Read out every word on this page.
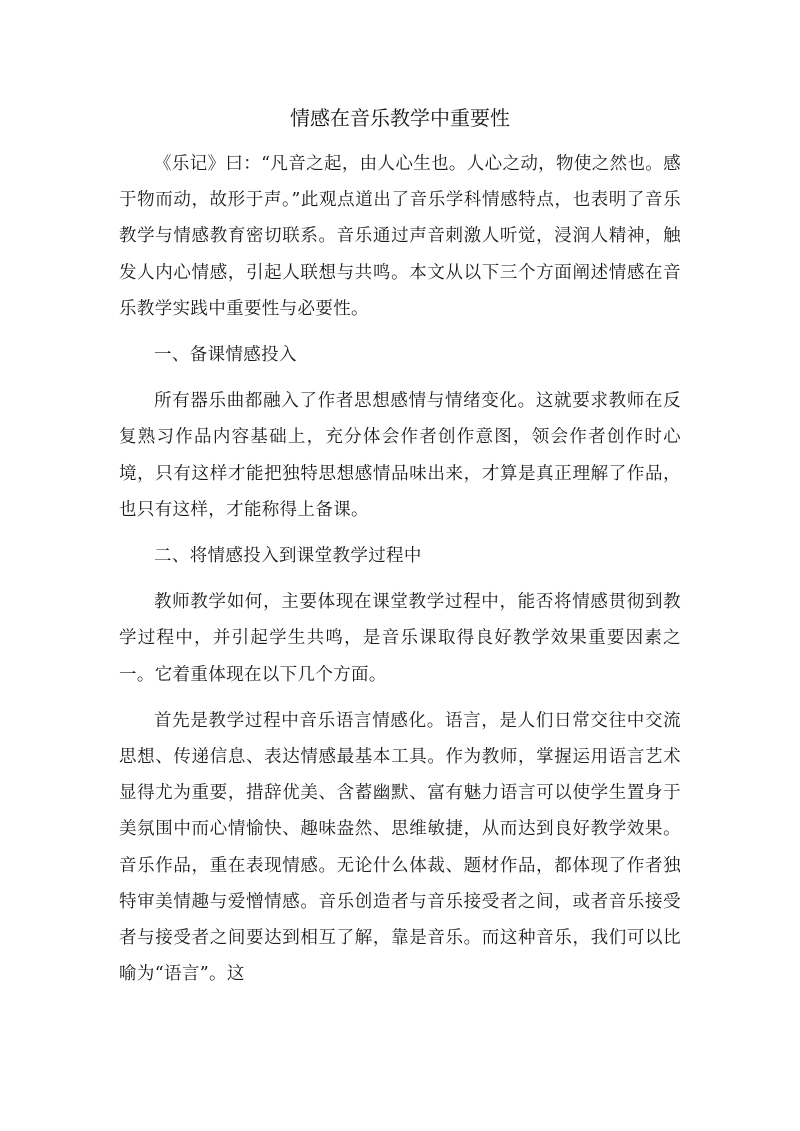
情感在音乐教学中重要性

《乐记》曰：“凡音之起，由人心生也。人心之动，物使之然也。感于物而动，故形于声。”此观点道出了音乐学科情感特点，也表明了音乐教学与情感教育密切联系。音乐通过声音刺激人听觉，浸润人精神，触发人内心情感，引起人联想与共鸣。本文从以下三个方面阐述情感在音乐教学实践中重要性与必要性。

一、备课情感投入

所有器乐曲都融入了作者思想感情与情绪变化。这就要求教师在反复熟习作品内容基础上，充分体会作者创作意图，领会作者创作时心境，只有这样才能把独特思想感情品味出来，才算是真正理解了作品，也只有这样，才能称得上备课。

二、将情感投入到课堂教学过程中

教师教学如何，主要体现在课堂教学过程中，能否将情感贯彻到教学过程中，并引起学生共鸣，是音乐课取得良好教学效果重要因素之一。它着重体现在以下几个方面。

首先是教学过程中音乐语言情感化。语言，是人们日常交往中交流思想、传递信息、表达情感最基本工具。作为教师，掌握运用语言艺术显得尤为重要，措辞优美、含蓄幽默、富有魅力语言可以使学生置身于美氛围中而心情愉快、趣味盎然、思维敏捷，从而达到良好教学效果。音乐作品，重在表现情感。无论什么体裁、题材作品，都体现了作者独特审美情趣与爱憎情感。音乐创造者与音乐接受者之间，或者音乐接受者与接受者之间要达到相互了解，靠是音乐。而这种音乐，我们可以比喻为“语言”。这
